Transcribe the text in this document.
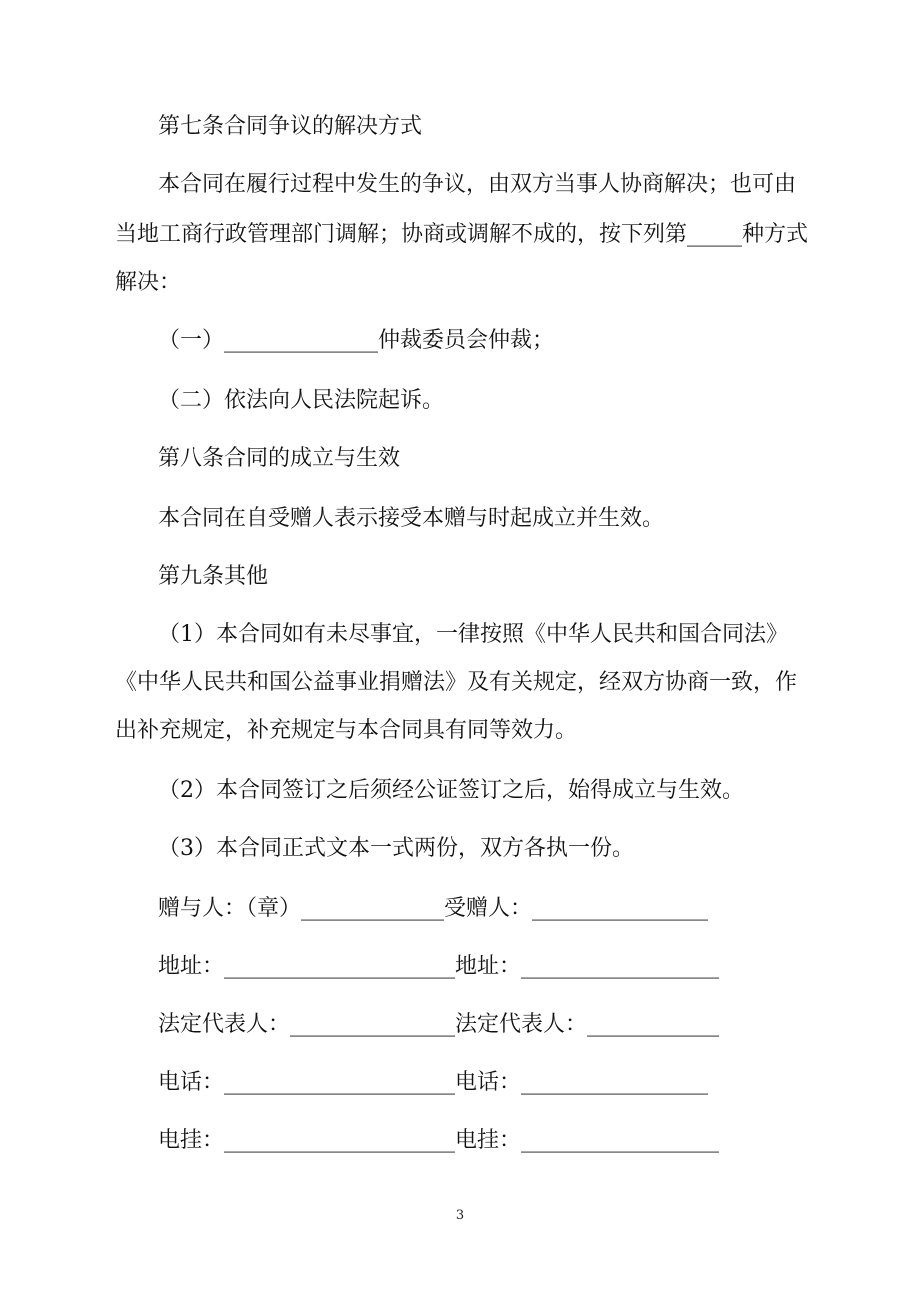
第七条合同争议的解决方式
本合同在履行过程中发生的争议，由双方当事人协商解决；也可由
当地工商行政管理部门调解；协商或调解不成的，按下列第_____种方式
解决：
（一）______________仲裁委员会仲裁；
（二）依法向人民法院起诉。
第八条合同的成立与生效
本合同在自受赠人表示接受本赠与时起成立并生效。
第九条其他
（1）本合同如有未尽事宜，一律按照《中华人民共和国合同法》
《中华人民共和国公益事业捐赠法》及有关规定，经双方协商一致，作
出补充规定，补充规定与本合同具有同等效力。
（2）本合同签订之后须经公证签订之后，始得成立与生效。
（3）本合同正式文本一式两份，双方各执一份。
赠与人：（章）_____________受赠人：________________
地址：_____________________地址：__________________
法定代表人：_______________法定代表人：____________
电话：_____________________电话：_________________
电挂：_____________________电挂：__________________
3
